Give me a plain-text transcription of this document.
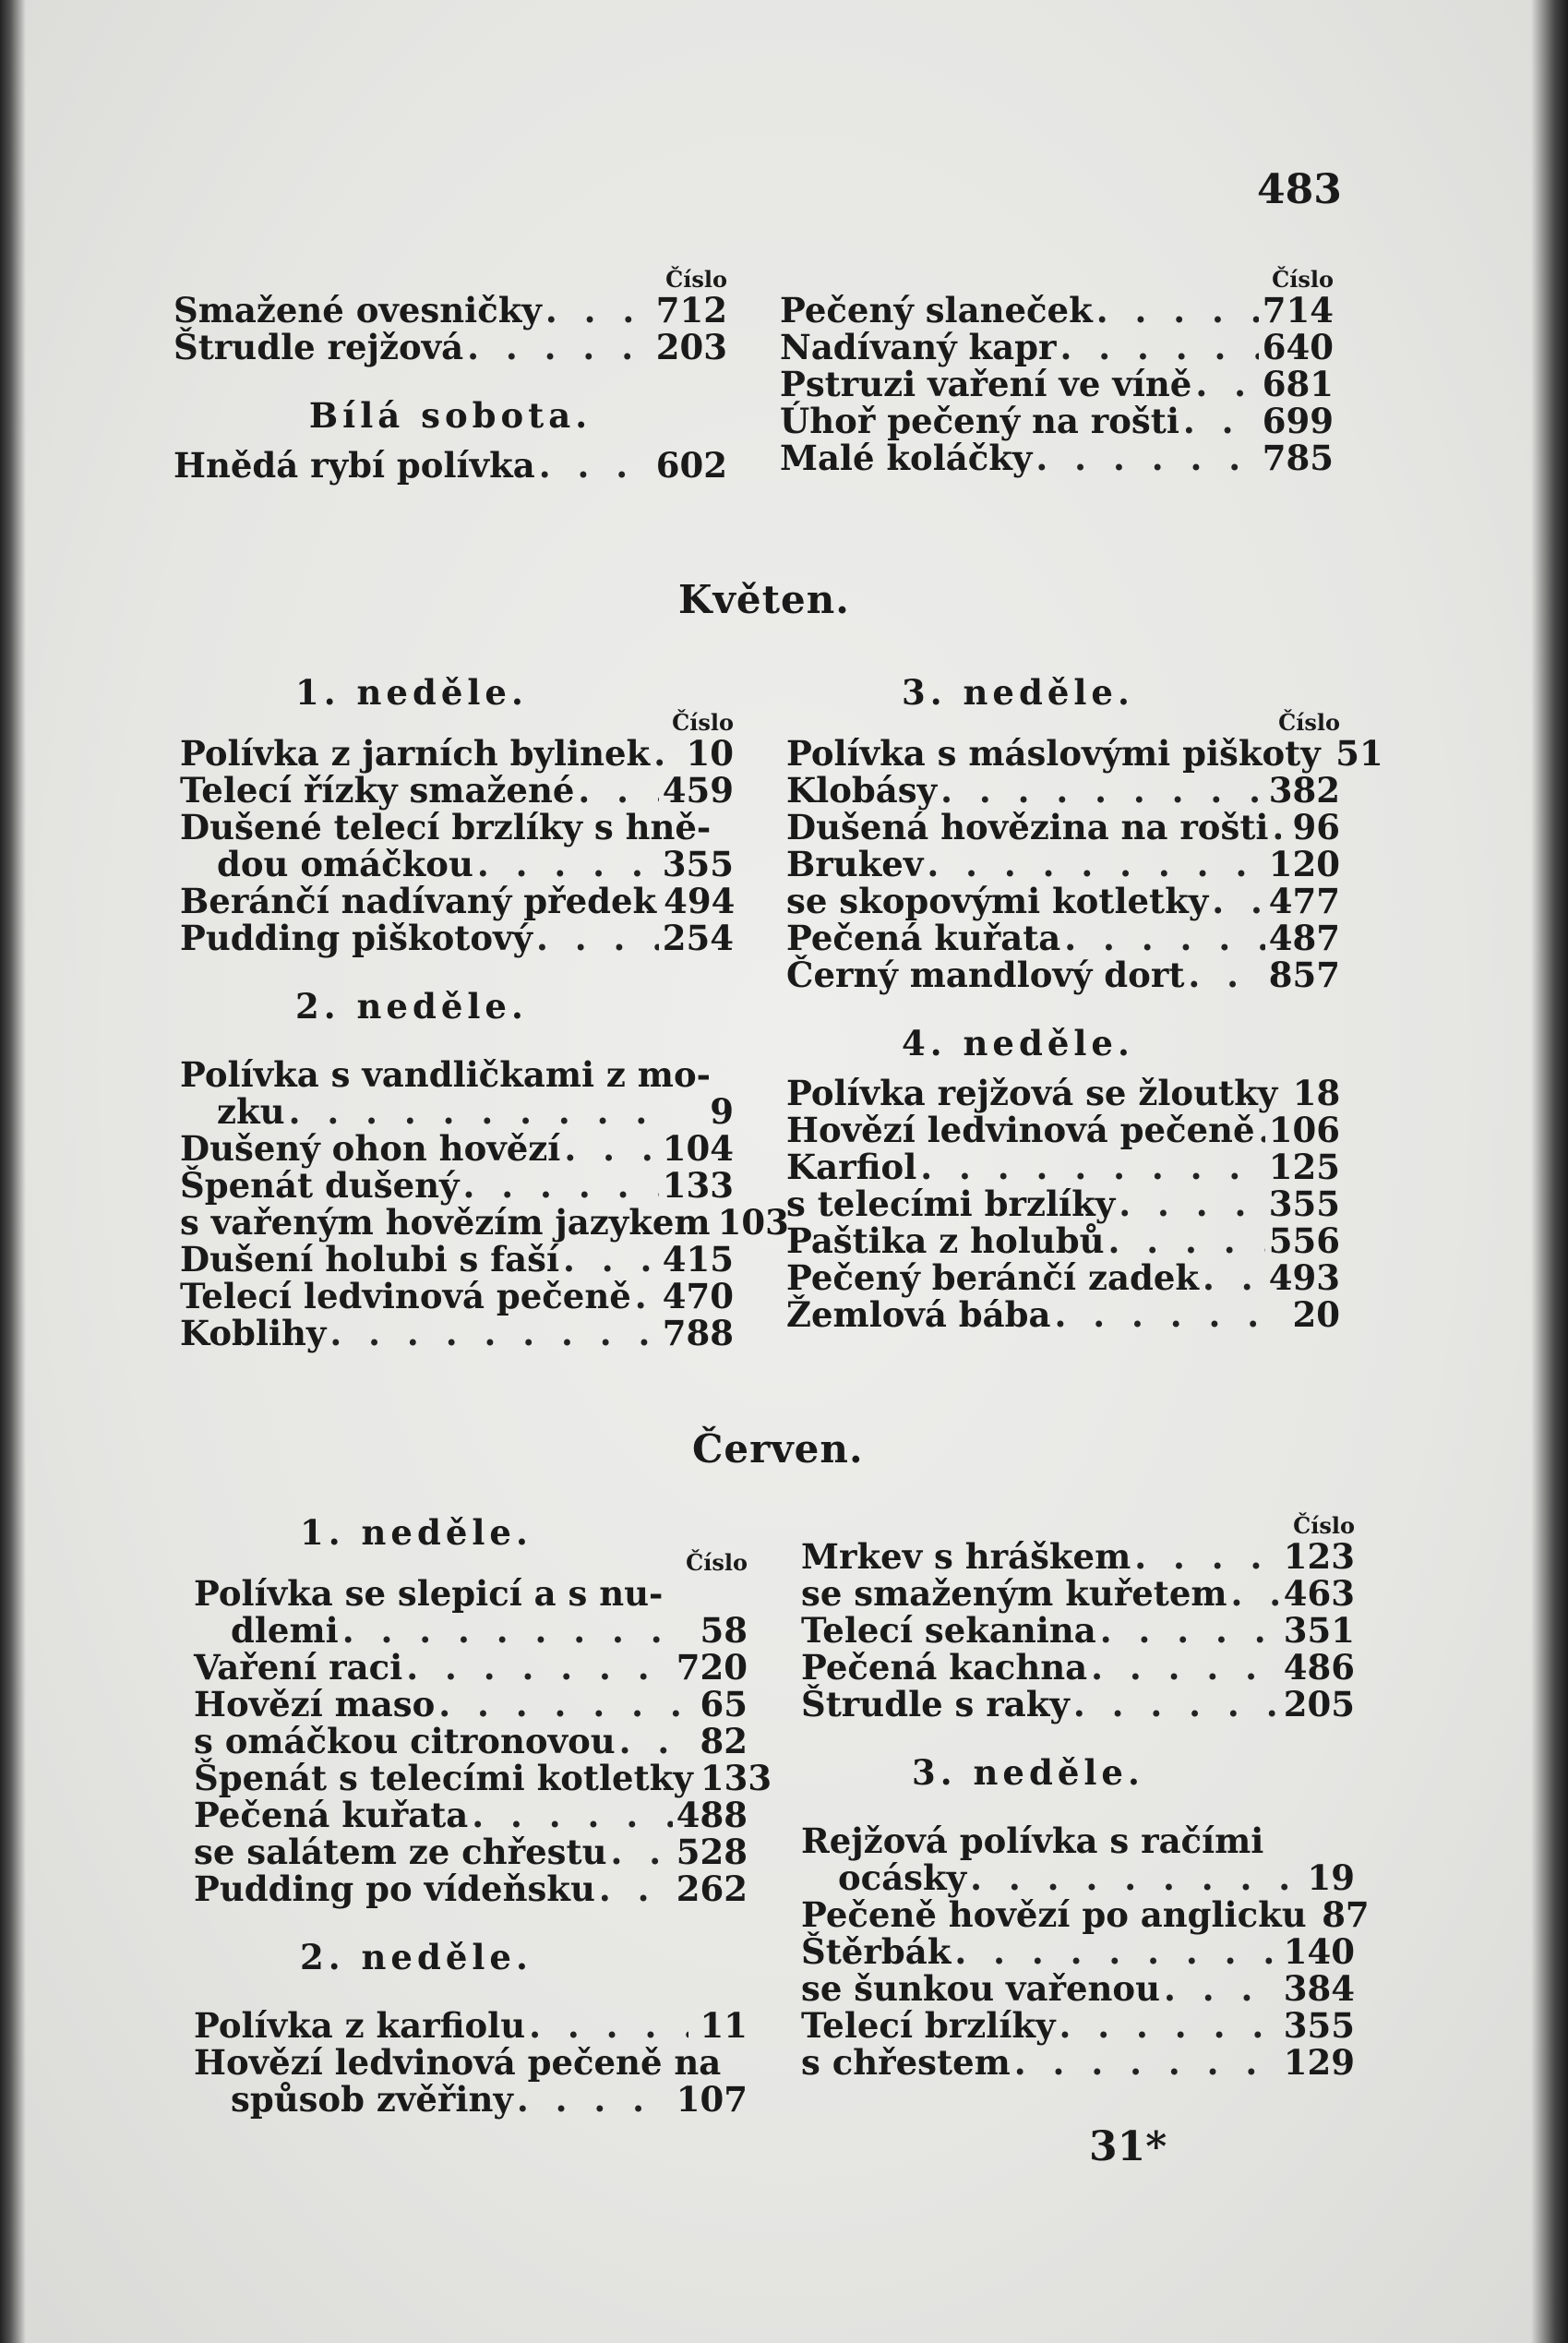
483
Číslo
Smažené ovesničky . . .	712
Štrudle rejžová . . .	203
Bílá sobota.
Hnědá rybí polívka . . .	602
Číslo
Pečený slaneček . . .	714
Nadívaný kapr . . .	640
Pstruzi vaření ve víně . . . 681
Úhoř pečený na rošti . . . 699
Malé koláčky . . .	785
Květen.
1. neděle.
Číslo
Polívka z jarních bylinek . . . 10
Telecí řízky smažené . . .	459
Dušené telecí brzlíky s hně-
dou omáčkou . . .	355
Beránčí nadívaný předek 494
Pudding piškotový . . .	254
2. neděle.
Polívka s vandličkami z mo-
zku . . .	9
Dušený ohon hovězí . . .	104
Špenát dušený . . .	133
s vařeným hovězím jazykem 103
Dušení holubi s faší . . .	415
Telecí ledvinová pečeně . . . 470
Koblihy . . .	788
3. neděle.
Číslo
Polívka s máslovými piškoty 51
Klobásy . . .	382
Dušená hovězina na rošti . . . 96
Brukev . . .	120
se skopovými kotletky . . . 477
Pečená kuřata . . .	487
Černý mandlový dort . . . 857
4. neděle.
Polívka rejžová se žloutky 18
Hovězí ledvinová pečeně . . . 106
Karfiol . . .	125
s telecími brzlíky . . .	355
Paštika z holubů . . .	556
Pečený beránčí zadek . . . 493
Žemlová bába . . .	20
Červen.
1. neděle.
Číslo
Polívka se slepicí a s nu-
dlemi . . .	58
Vaření raci . . .	720
Hovězí maso . . .	65
s omáčkou citronovou . . . 82
Špenát s telecími kotletky 133
Pečená kuřata . . .	488
se salátem ze chřestu . . . 528
Pudding po vídeňsku . . . 262
2. neděle.
Polívka z karfiolu . . .	11
Hovězí ledvinová pečeně na
spůsob zvěřiny . . .	107
Číslo
Mrkev s hráškem . . .	123
se smaženým kuřetem . . . 463
Telecí sekanina . . .	351
Pečená kachna . . .	486
Štrudle s raky . . .	205
3. neděle.
Rejžová polívka s račími
ocásky . . .	19
Pečeně hovězí po anglicku 87
Štěrbák . . .	140
se šunkou vařenou . . .	384
Telecí brzlíky . . .	355
s chřestem . . .	129
31*
